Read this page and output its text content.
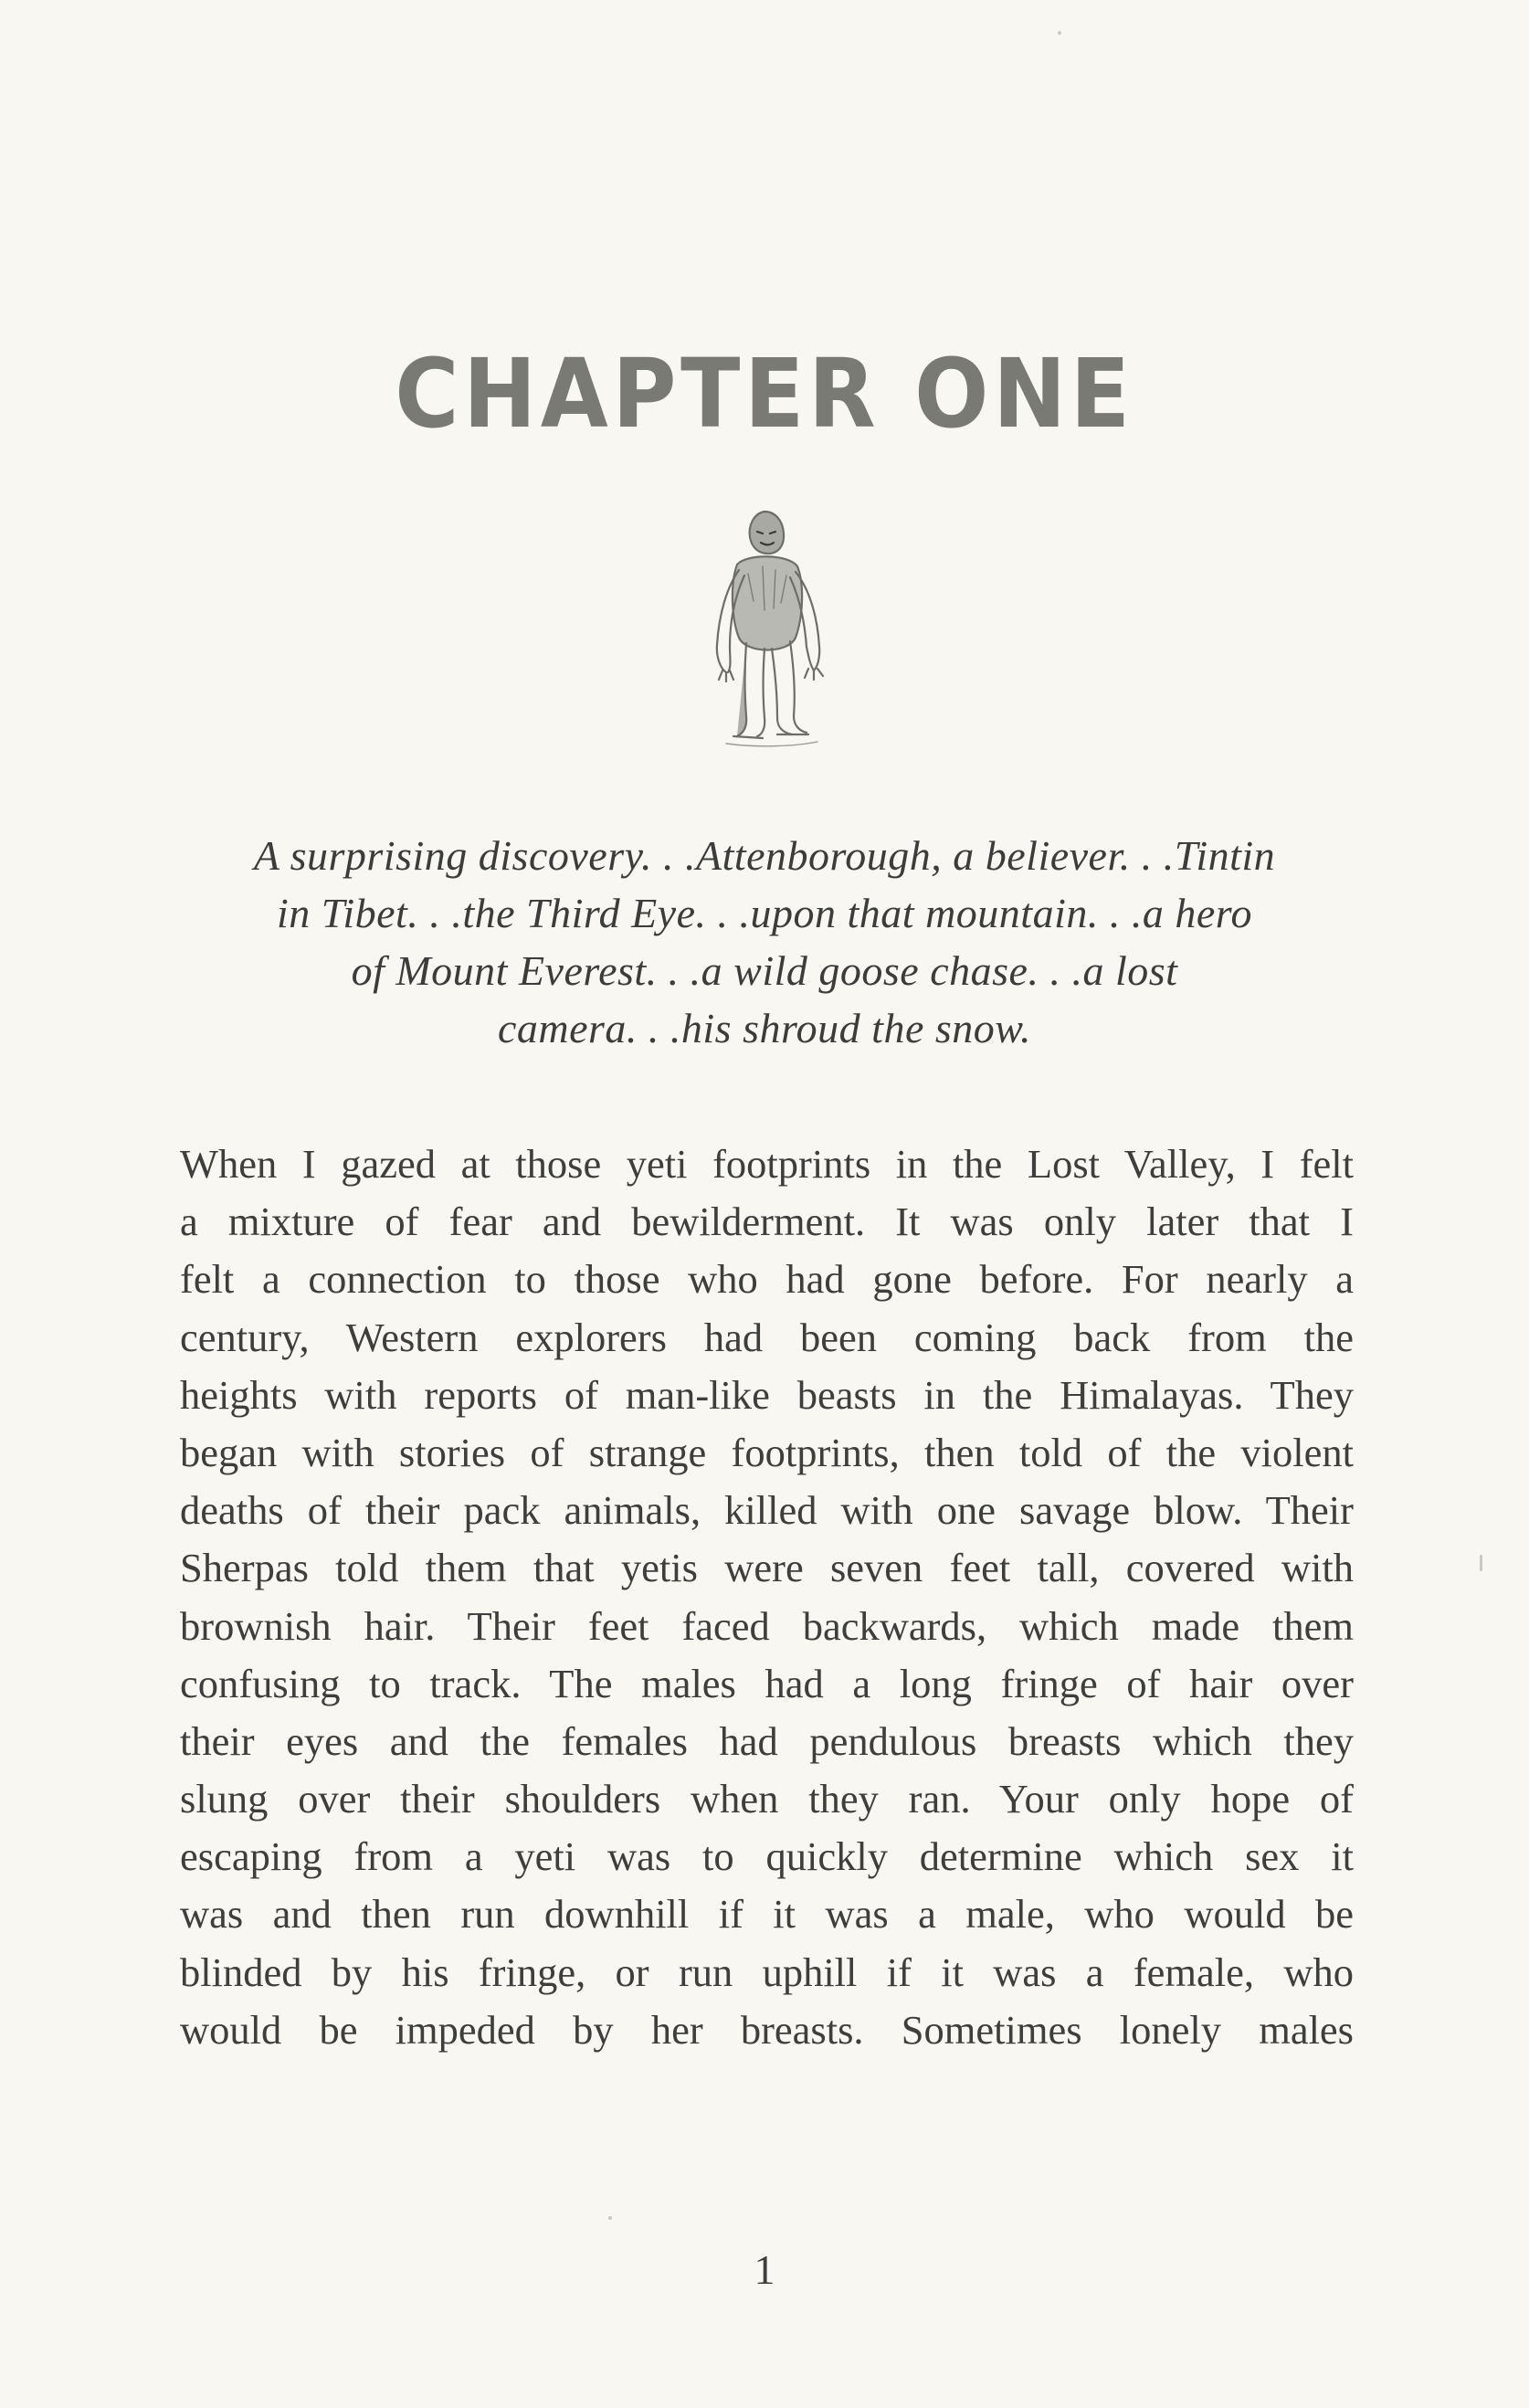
CHAPTER ONE
A surprising discovery. . .Attenborough, a believer. . .Tintin
in Tibet. . .the Third Eye. . .upon that mountain. . .a hero
of Mount Everest. . .a wild goose chase. . .a lost
camera. . .his shroud the snow.
When I gazed at those yeti footprints in the Lost Valley, I felt
a mixture of fear and bewilderment. It was only later that I
felt a connection to those who had gone before. For nearly a
century, Western explorers had been coming back from the
heights with reports of man-like beasts in the Himalayas. They
began with stories of strange footprints, then told of the violent
deaths of their pack animals, killed with one savage blow. Their
Sherpas told them that yetis were seven feet tall, covered with
brownish hair. Their feet faced backwards, which made them
confusing to track. The males had a long fringe of hair over
their eyes and the females had pendulous breasts which they
slung over their shoulders when they ran. Your only hope of
escaping from a yeti was to quickly determine which sex it
was and then run downhill if it was a male, who would be
blinded by his fringe, or run uphill if it was a female, who
would be impeded by her breasts. Sometimes lonely males
1
